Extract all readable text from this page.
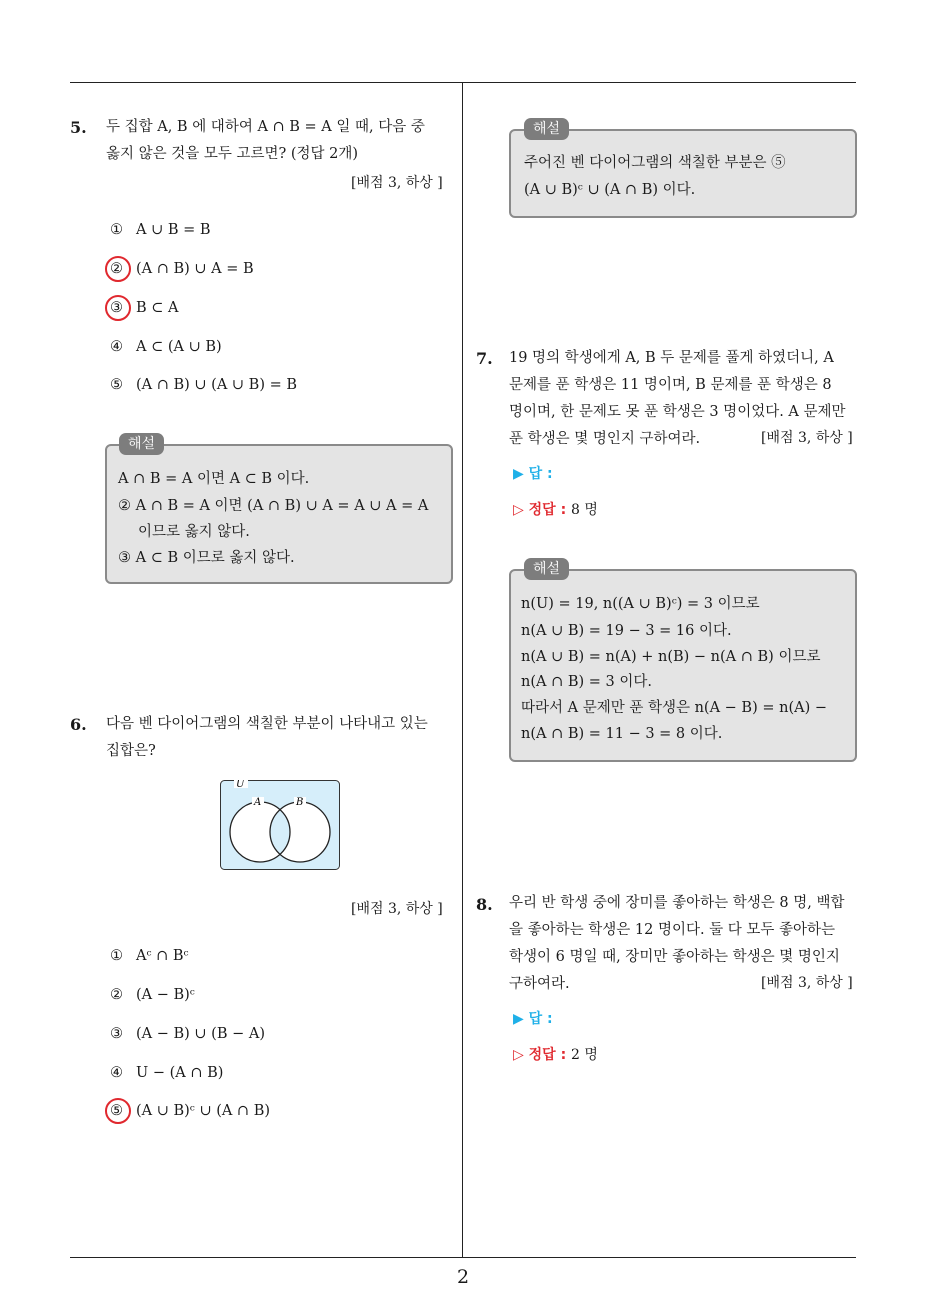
2
5. 두 집합 A, B 에 대하여 A ∩ B = A 일 때, 다음 중
옳지 않은 것을 모두 고르면? (정답 2개)
[배점 3, 하상 ]
① A ∪ B = B
② (A ∩ B) ∪ A = B
③ B ⊂ A
④ A ⊂ (A ∪ B)
⑤ (A ∩ B) ∪ (A ∪ B) = B
해설
A ∩ B = A 이면 A ⊂ B 이다.
② A ∩ B = A 이면 (A ∩ B) ∪ A = A ∪ A = A
이므로 옳지 않다.
③ A ⊂ B 이므로 옳지 않다.
6. 다음 벤 다이어그램의 색칠한 부분이 나타내고 있는
집합은?
U
A	B
[배점 3, 하상 ]
① Aᶜ ∩ Bᶜ
② (A − B)ᶜ
③ (A − B) ∪ (B − A)
④ U − (A ∩ B)
⑤ (A ∪ B)ᶜ ∪ (A ∩ B)
해설
주어진 벤 다이어그램의 색칠한 부분은 ⑤
(A ∪ B)ᶜ ∪ (A ∩ B) 이다.
7. 19 명의 학생에게 A, B 두 문제를 풀게 하였더니, A
문제를 푼 학생은 11 명이며, B 문제를 푼 학생은 8
명이며, 한 문제도 못 푼 학생은 3 명이었다. A 문제만
푼 학생은 몇 명인지 구하여라.	[배점 3, 하상 ]
▶ 답 :
▷ 정답 : 8 명
해설
n(U) = 19, n((A ∪ B)ᶜ) = 3 이므로
n(A ∪ B) = 19 − 3 = 16 이다.
n(A ∪ B) = n(A) + n(B) − n(A ∩ B) 이므로
n(A ∩ B) = 3 이다.
따라서 A 문제만 푼 학생은 n(A − B) = n(A) −
n(A ∩ B) = 11 − 3 = 8 이다.
8. 우리 반 학생 중에 장미를 좋아하는 학생은 8 명, 백합
을 좋아하는 학생은 12 명이다. 둘 다 모두 좋아하는
학생이 6 명일 때, 장미만 좋아하는 학생은 몇 명인지
구하여라.	[배점 3, 하상 ]
▶ 답 :
▷ 정답 : 2 명
